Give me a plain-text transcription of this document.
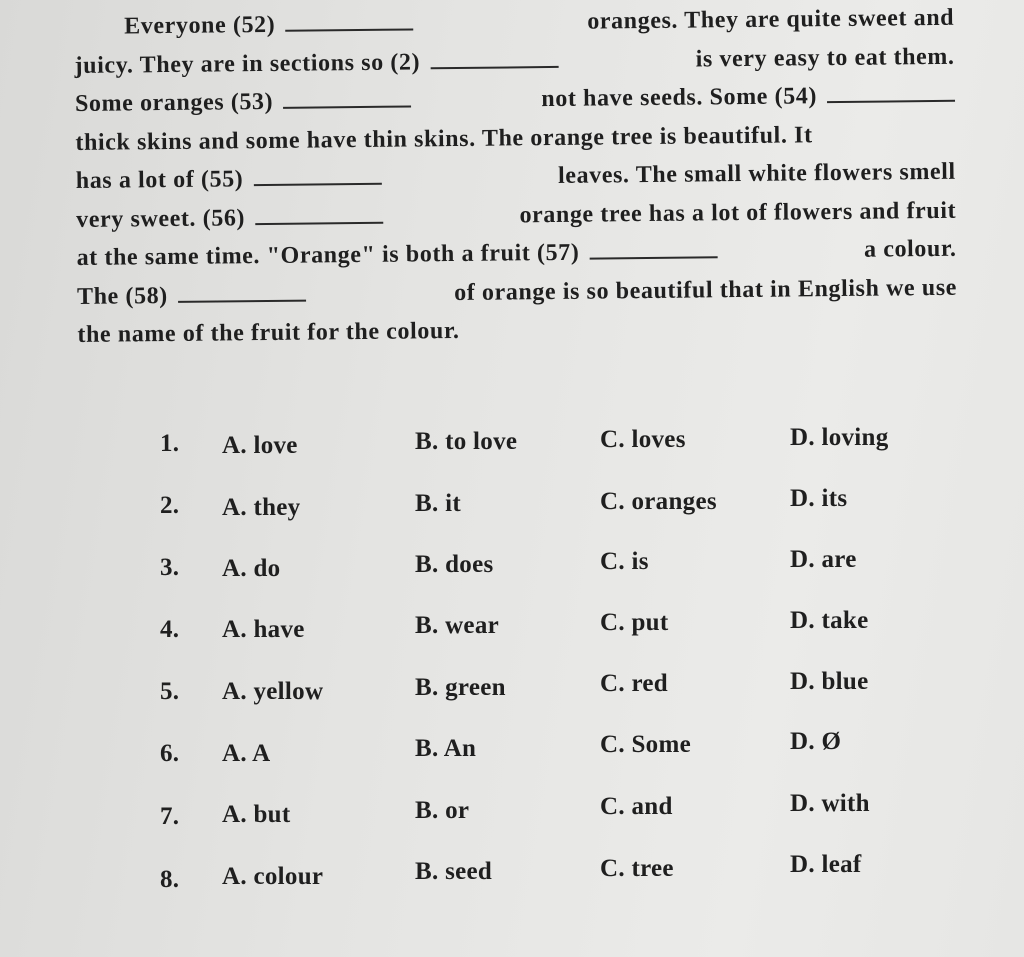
Everyone (52)	oranges. They are quite sweet and
juicy. They are in sections so (2)	is very easy to eat them.
Some oranges (53)	not have seeds. Some (54)
thick skins and some have thin skins. The orange tree is beautiful. It
has a lot of (55)	leaves. The small white flowers smell
very sweet. (56)	orange tree has a lot of flowers and fruit
at the same time. "Orange" is both a fruit (57)	a colour.
The (58)	of orange is so beautiful that in English we use
the name of the fruit for the colour.
1. A. love	B. to love	C. loves	D. loving
2. A. they	B. it	C. oranges	D. its
3. A. do	B. does	C. is	D. are
4. A. have	B. wear	C. put	D. take
5. A. yellow	B. green	C. red	D. blue
6. A. A	B. An	C. Some	D. Ø
7. A. but	B. or	C. and	D. with
8. A. colour	B. seed	C. tree	D. leaf
